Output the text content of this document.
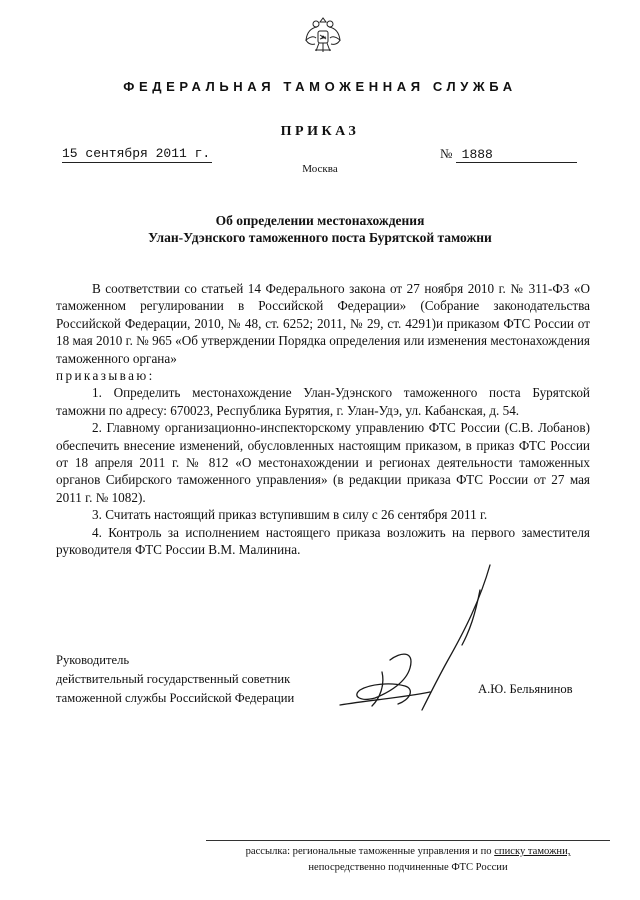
ФЕДЕРАЛЬНАЯ ТАМОЖЕННАЯ СЛУЖБА
ПРИКАЗ
15 сентября 2011 г.	№ 1888
Москва
Об определении местонахождения
Улан-Удэнского таможенного поста Бурятской таможни

В соответствии со статьей 14 Федерального закона от 27 ноября 2010 г. № 311-ФЗ «О таможенном регулировании в Российской Федерации» (Собрание законодательства Российской Федерации, 2010, № 48, ст. 6252; 2011, № 29, ст. 4291)и приказом ФТС России от 18 мая 2010 г. № 965 «Об утверждении Порядка определения или изменения местонахождения таможенного органа»

приказываю:

1. Определить местонахождение Улан-Удэнского таможенного поста Бурятской таможни по адресу: 670023, Республика Бурятия, г. Улан-Удэ, ул. Кабанская, д. 54.

2. Главному организационно-инспекторскому управлению ФТС России (С.В. Лобанов) обеспечить внесение изменений, обусловленных настоящим приказом, в приказ ФТС России от 18 апреля 2011 г. № 812 «О местонахождении и регионах деятельности таможенных органов Сибирского таможенного управления» (в редакции приказа ФТС России от 27 мая 2011 г. № 1082).

3. Считать настоящий приказ вступившим в силу с 26 сентября 2011 г.

4. Контроль за исполнением настоящего приказа возложить на первого заместителя руководителя ФТС России В.М. Малинина.

Руководитель
действительный государственный советник
таможенной службы Российской Федерации
А.Ю. Бельянинов
рассылка: региональные таможенные управления и по списку таможни,
непосредственно подчиненные ФТС России
